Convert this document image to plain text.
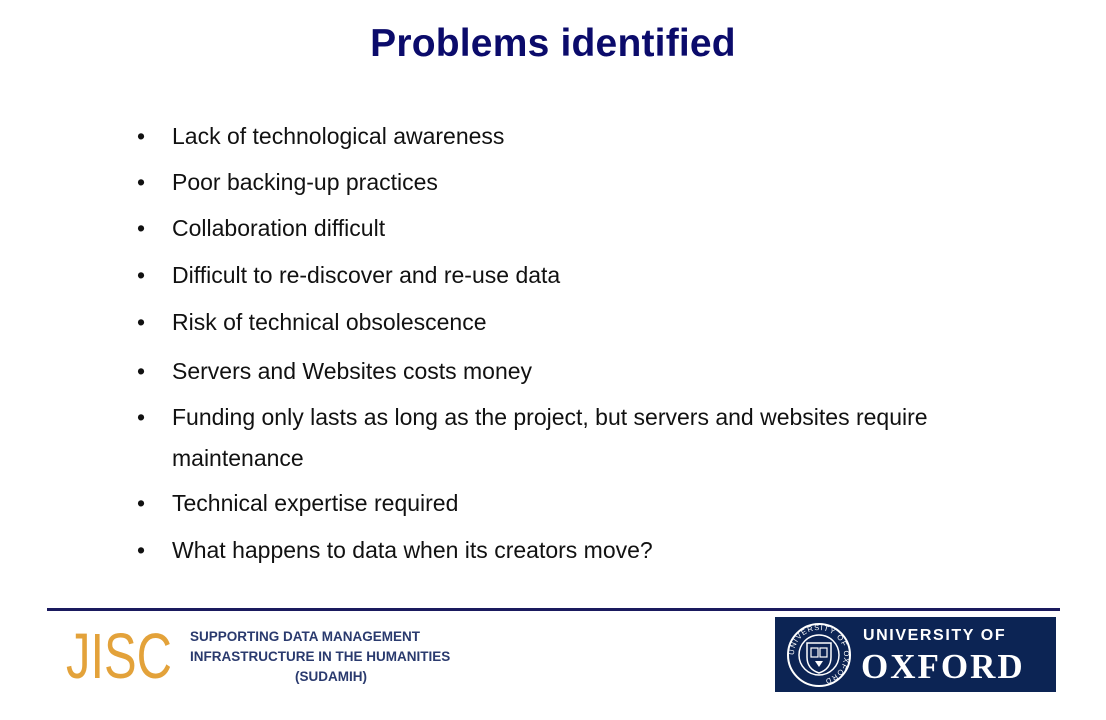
Problems identified
•	Lack of technological awareness
•	Poor backing-up practices
•	Collaboration difficult
•	Difficult to re-discover and re-use data
•	Risk of technical obsolescence
•	Servers and Websites costs money
•	Funding only lasts as long as the project, but servers and websites require maintenance
•	Technical expertise required
•	What happens to data when its creators move?
JISC SUPPORTING DATA MANAGEMENT
INFRASTRUCTURE IN THE HUMANITIES
(SUDAMIH)
UNIVERSITY OF OXFORD
UNIVERSITY OF
OXFORD
